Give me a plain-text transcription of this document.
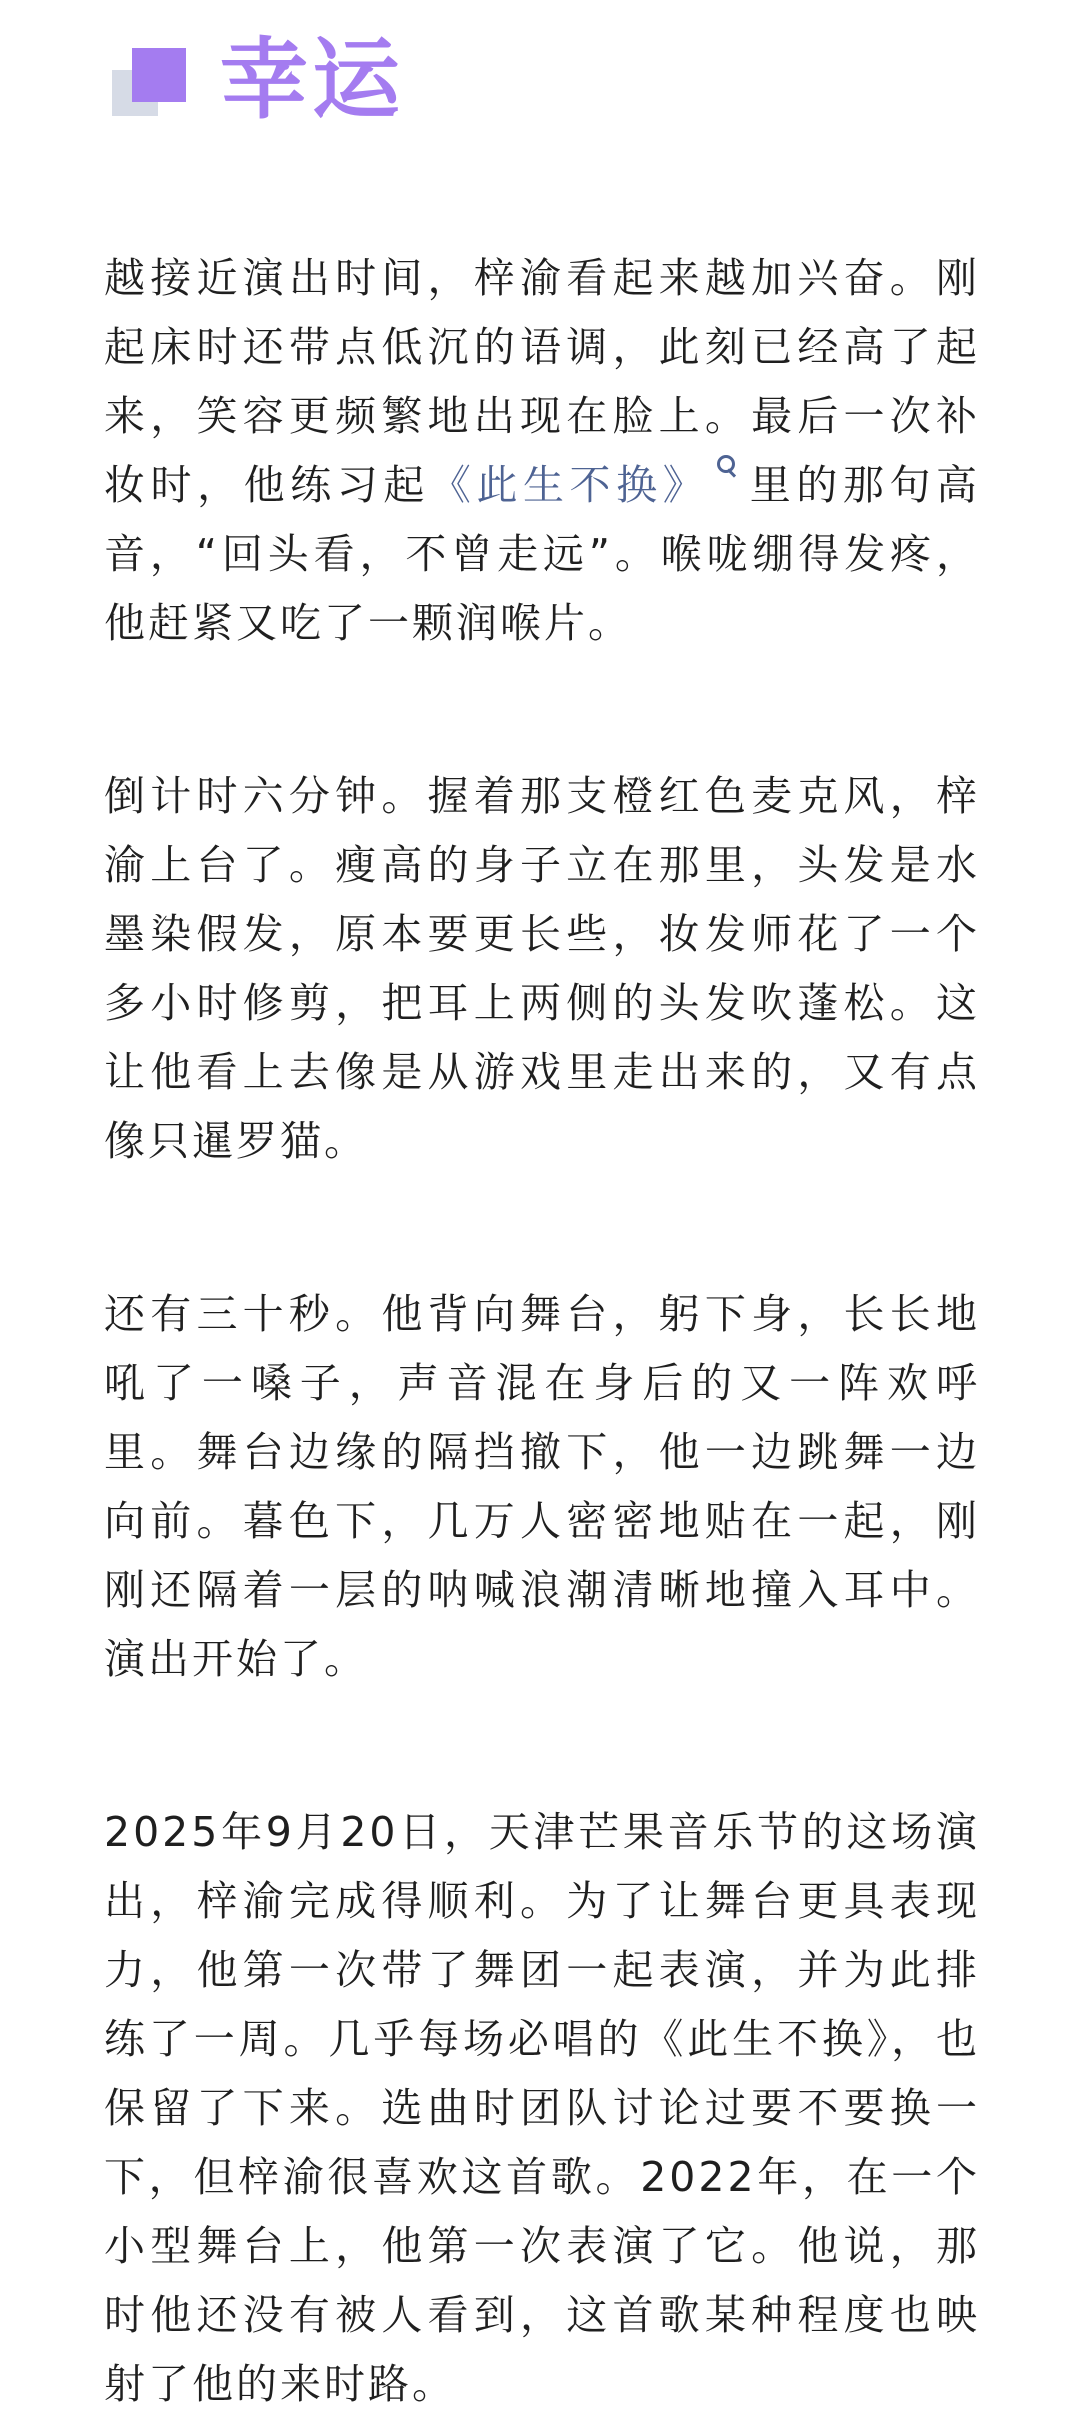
幸运

越接近演出时间，梓渝看起来越加兴奋。刚起床时还带点低沉的语调，此刻已经高了起来，笑容更频繁地出现在脸上。最后一次补妆时，他练习起《此生不换》 里的那句高音，“回头看，不曾走远”。喉咙绷得发疼，他赶紧又吃了一颗润喉片。

倒计时六分钟。握着那支橙红色麦克风，梓渝上台了。瘦高的身子立在那里，头发是水墨染假发，原本要更长些，妆发师花了一个多小时修剪，把耳上两侧的头发吹蓬松。这让他看上去像是从游戏里走出来的，又有点像只暹罗猫。

还有三十秒。他背向舞台，躬下身，长长地吼了一嗓子，声音混在身后的又一阵欢呼里。舞台边缘的隔挡撤下，他一边跳舞一边向前。暮色下，几万人密密地贴在一起，刚刚还隔着一层的呐喊浪潮清晰地撞入耳中。演出开始了。

2025年9月20日，天津芒果音乐节的这场演出，梓渝完成得顺利。为了让舞台更具表现力，他第一次带了舞团一起表演，并为此排练了一周。几乎每场必唱的《此生不换》，也保留了下来。选曲时团队讨论过要不要换一下，但梓渝很喜欢这首歌。2022年，在一个小型舞台上，他第一次表演了它。他说，那时他还没有被人看到，这首歌某种程度也映射了他的来时路。
